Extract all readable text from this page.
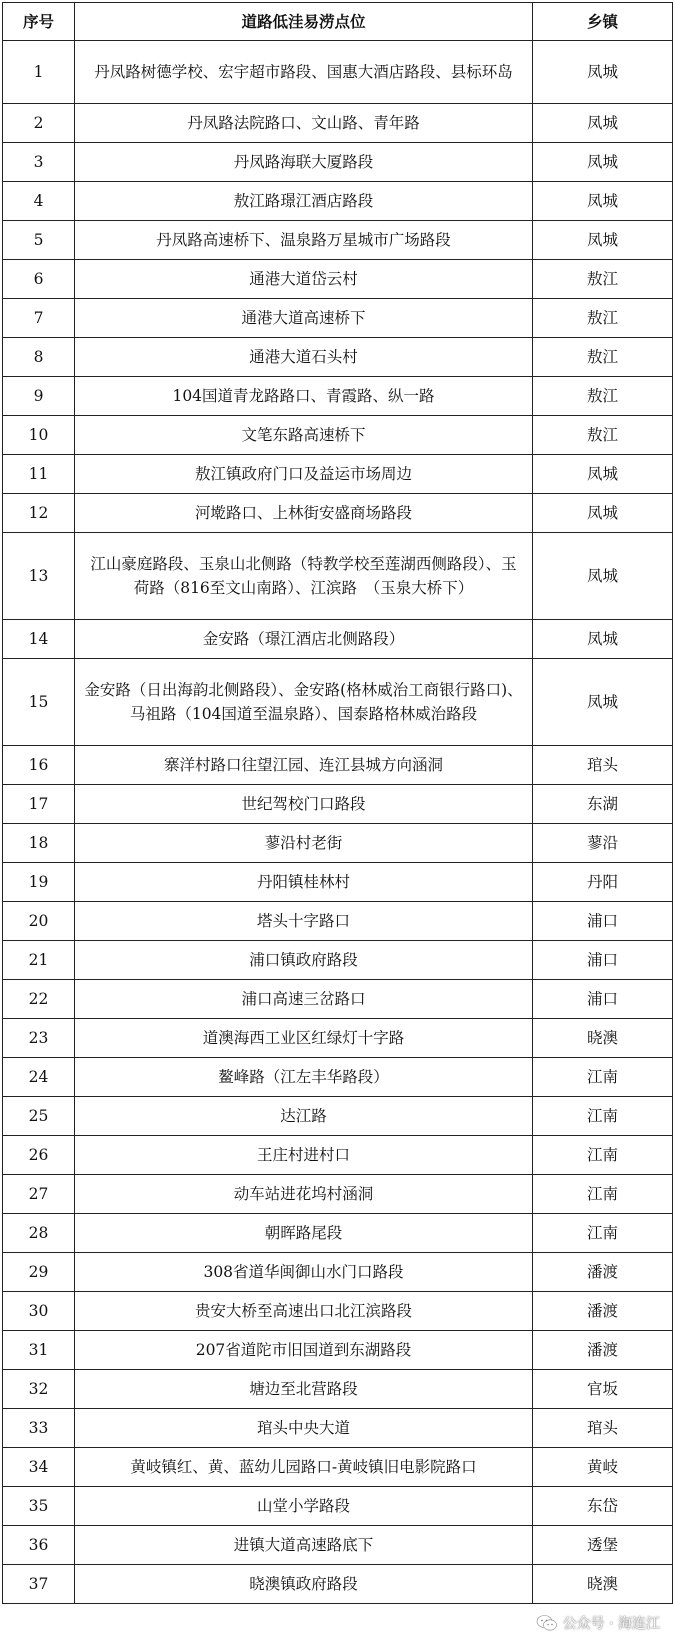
序号	道路低洼易涝点位	乡镇
1	丹凤路树德学校、宏宇超市路段、国惠大酒店路段、县标环岛	凤城
2	丹凤路法院路口、文山路、青年路	凤城
3	丹凤路海联大厦路段	凤城
4	敖江路璟江酒店路段	凤城
5	丹凤路高速桥下、温泉路万星城市广场路段	凤城
6	通港大道岱云村	敖江
7	通港大道高速桥下	敖江
8	通港大道石头村	敖江
9	104国道青龙路路口、青霞路、纵一路	敖江
10	文笔东路高速桥下	敖江
11	敖江镇政府门口及益运市场周边	凤城
12	河墘路口、上林街安盛商场路段	凤城
13	江山豪庭路段、玉泉山北侧路（特教学校至莲湖西侧路段）、玉荷路（816至文山南路）、江滨路　（玉泉大桥下）	凤城
14	金安路（璟江酒店北侧路段）	凤城
15	金安路（日出海韵北侧路段）、金安路(格林威治工商银行路口)、马祖路（104国道至温泉路）、国泰路格林威治路段	凤城
16	寨洋村路口往望江园、连江县城方向涵洞	琯头
17	世纪驾校门口路段	东湖
18	蓼沿村老街	蓼沿
19	丹阳镇桂林村	丹阳
20	塔头十字路口	浦口
21	浦口镇政府路段	浦口
22	浦口高速三岔路口	浦口
23	道澳海西工业区红绿灯十字路	晓澳
24	鳌峰路（江左丰华路段）	江南
25	达江路	江南
26	王庄村进村口	江南
27	动车站进花坞村涵洞	江南
28	朝晖路尾段	江南
29	308省道华闽御山水门口路段	潘渡
30	贵安大桥至高速出口北江滨路段	潘渡
31	207省道陀市旧国道到东湖路段	潘渡
32	塘边至北营路段	官坂
33	琯头中央大道	琯头
34	黄岐镇红、黄、蓝幼儿园路口-黄岐镇旧电影院路口	黄岐
35	山堂小学路段	东岱
36	进镇大道高速路底下	透堡
37	晓澳镇政府路段	晓澳
公众号 · 海连江
